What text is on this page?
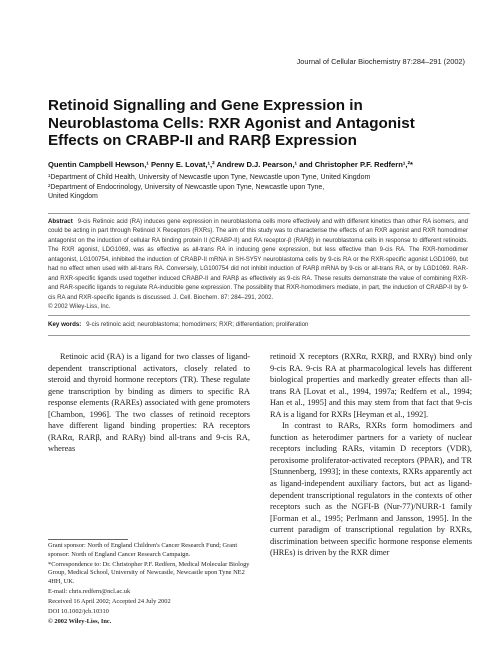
Journal of Cellular Biochemistry 87:284–291 (2002)
Retinoid Signalling and Gene Expression in
Neuroblastoma Cells: RXR Agonist and Antagonist
Effects on CRABP-II and RARβ Expression
Quentin Campbell Hewson,¹ Penny E. Lovat,¹,² Andrew D.J. Pearson,¹ and Christopher P.F. Redfern¹,²*
¹Department of Child Health, University of Newcastle upon Tyne, Newcastle upon Tyne, United Kingdom
²Department of Endocrinology, University of Newcastle upon Tyne, Newcastle upon Tyne,
United Kingdom
Abstract 9-cis Retinoic acid (RA) induces gene expression in neuroblastoma cells more effectively and with different kinetics than other RA isomers, and could be acting in part through Retinoid X Receptors (RXRs). The aim of this study was to characterise the effects of an RXR agonist and RXR homodimer antagonist on the induction of cellular RA binding protein II (CRABP-II) and RA receptor-β (RARβ) in neuroblastoma cells in response to different retinoids. The RXR agonist, LDG1069, was as effective as all-trans RA in inducing gene expression, but less effective than 9-cis RA. The RXR-homodimer antagonist, LG100754, inhibited the induction of CRABP-II mRNA in SH-SY5Y neuroblastoma cells by 9-cis RA or the RXR-specific agonist LGD1069, but had no effect when used with all-trans RA. Conversely, LG100754 did not inhibit induction of RARβ mRNA by 9-cis or all-trans RA, or by LGD1069. RAR- and RXR-specific ligands used together induced CRABP-II and RARβ as effectively as 9-cis RA. These results demonstrate the value of combining RXR- and RAR-specific ligands to regulate RA-inducible gene expression. The possibility that RXR-homodimers mediate, in part, the induction of CRABP-II by 9-cis RA and RXR-specific ligands is discussed. J. Cell. Biochem. 87: 284–291, 2002.
© 2002 Wiley-Liss, Inc.
Key words: 9-cis retinoic acid; neuroblastoma; homodimers; RXR; differentiation; proliferation

Retinoic acid (RA) is a ligand for two classes of ligand-dependent transcriptional activators, closely related to steroid and thyroid hormone receptors (TR). These regulate gene transcription by binding as dimers to specific RA response elements (RAREs) associated with gene promoters [Chambon, 1996]. The two classes of retinoid receptors have different ligand binding properties: RA receptors (RARα, RARβ, and RARγ) bind all-trans and 9-cis RA, whereas

retinoid X receptors (RXRα, RXRβ, and RXRγ) bind only 9-cis RA. 9-cis RA at pharmacological levels has different biological properties and markedly greater effects than all-trans RA [Lovat et al., 1994, 1997a; Redfern et al., 1994; Han et al., 1995] and this may stem from that fact that 9-cis RA is a ligand for RXRs [Heyman et al., 1992].

In contrast to RARs, RXRs form homodimers and function as heterodimer partners for a variety of nuclear receptors including RARs, vitamin D receptors (VDR), peroxisome proliferator-activated receptors (PPAR), and TR [Stunnenberg, 1993]; in these contexts, RXRs apparently act as ligand-independent auxiliary factors, but act as ligand-dependent transcriptional regulators in the contexts of other receptors such as the NGFI-B (Nur-77)/NURR-1 family [Forman et al., 1995; Perlmann and Jansson, 1995]. In the current paradigm of transcriptional regulation by RXRs, discrimination between specific hormone response elements (HREs) is driven by the RXR dimer

Grant sponsor: North of England Children's Cancer Research Fund; Grant sponsor: North of England Cancer Research Campaign.
*Correspondence to: Dr. Christopher P.F. Redfern, Medical Molecular Biology Group, Medical School, University of Newcastle, Newcastle upon Tyne NE2 4HH, UK.
E-mail: chris.redfern@ncl.ac.uk
Received 16 April 2002; Accepted 24 July 2002
DOI 10.1002/jcb.10310
© 2002 Wiley-Liss, Inc.
